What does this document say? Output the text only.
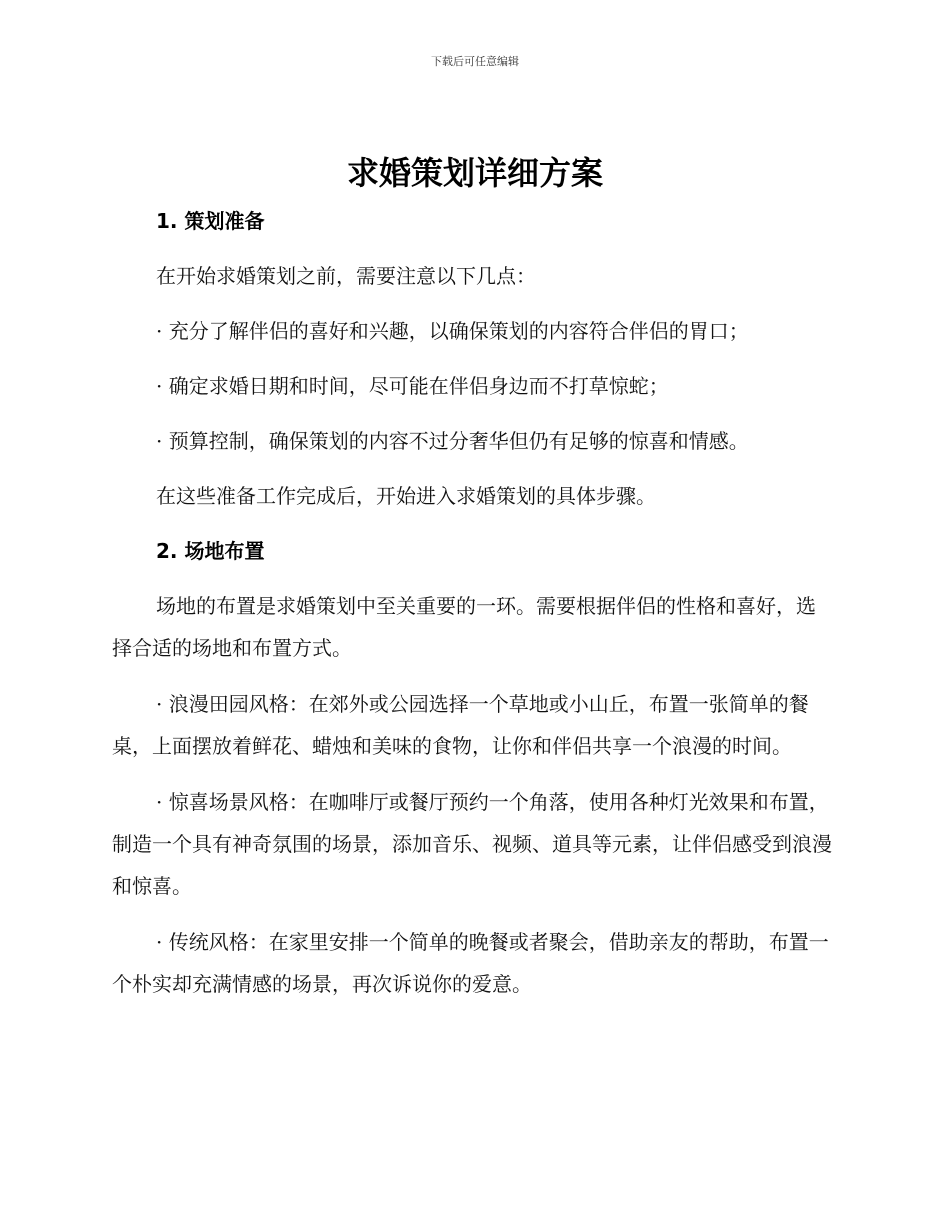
下载后可任意编辑
求婚策划详细方案
1. 策划准备

在开始求婚策划之前，需要注意以下几点：

· 充分了解伴侣的喜好和兴趣，以确保策划的内容符合伴侣的胃口；

· 确定求婚日期和时间，尽可能在伴侣身边而不打草惊蛇；

· 预算控制，确保策划的内容不过分奢华但仍有足够的惊喜和情感。

在这些准备工作完成后，开始进入求婚策划的具体步骤。

2. 场地布置

场地的布置是求婚策划中至关重要的一环。需要根据伴侣的性格和喜好，选择合适的场地和布置方式。

· 浪漫田园风格：在郊外或公园选择一个草地或小山丘，布置一张简单的餐桌，上面摆放着鲜花、蜡烛和美味的食物，让你和伴侣共享一个浪漫的时间。

· 惊喜场景风格：在咖啡厅或餐厅预约一个角落，使用各种灯光效果和布置，制造一个具有神奇氛围的场景，添加音乐、视频、道具等元素，让伴侣感受到浪漫和惊喜。

· 传统风格：在家里安排一个简单的晚餐或者聚会，借助亲友的帮助，布置一个朴实却充满情感的场景，再次诉说你的爱意。
